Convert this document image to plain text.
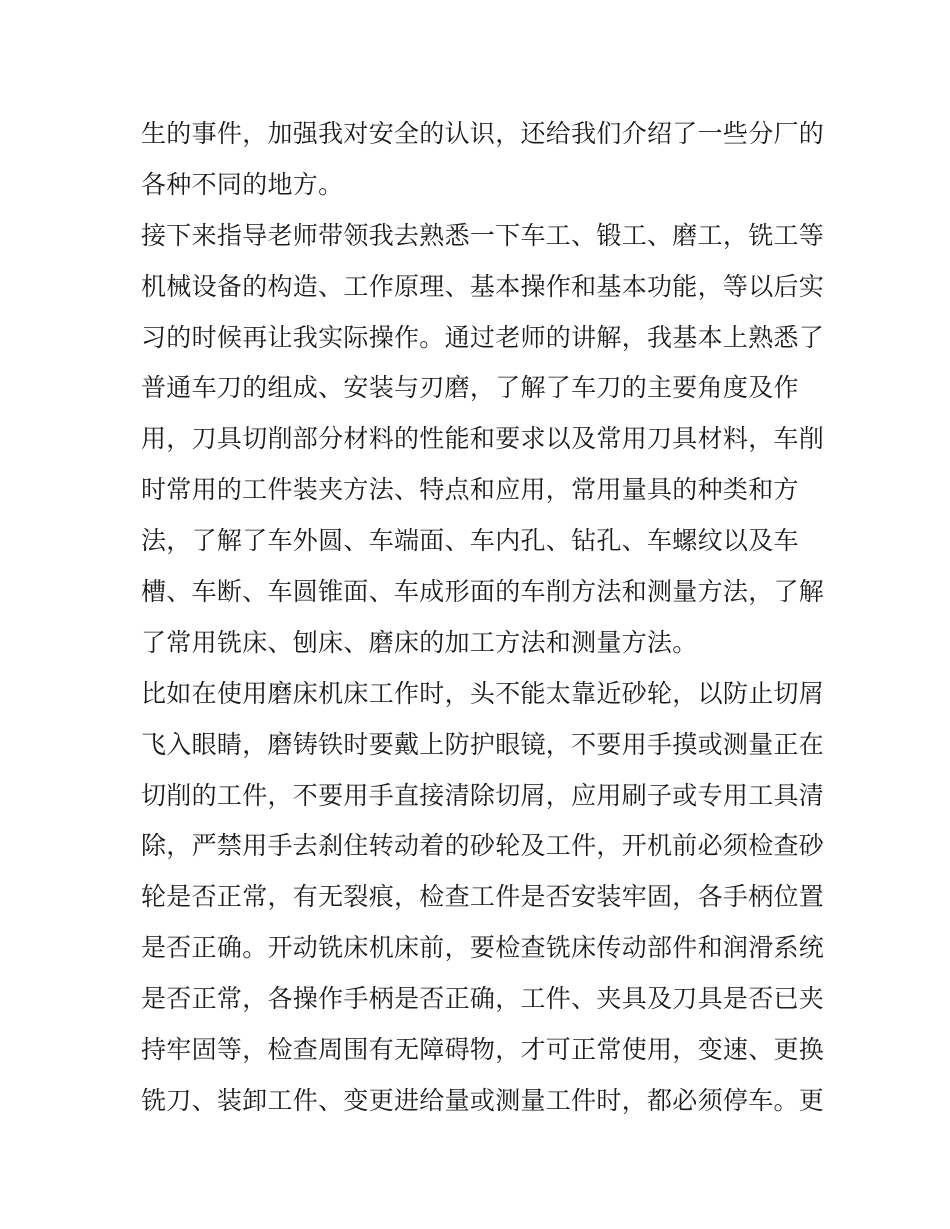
生的事件，加强我对安全的认识，还给我们介绍了一些分厂的
各种不同的地方。
接下来指导老师带领我去熟悉一下车工、锻工、磨工，铣工等
机械设备的构造、工作原理、基本操作和基本功能，等以后实
习的时候再让我实际操作。通过老师的讲解，我基本上熟悉了
普通车刀的组成、安装与刃磨，了解了车刀的主要角度及作
用，刀具切削部分材料的性能和要求以及常用刀具材料，车削
时常用的工件装夹方法、特点和应用，常用量具的种类和方
法，了解了车外圆、车端面、车内孔、钻孔、车螺纹以及车
槽、车断、车圆锥面、车成形面的车削方法和测量方法，了解
了常用铣床、刨床、磨床的加工方法和测量方法。
比如在使用磨床机床工作时，头不能太靠近砂轮，以防止切屑
飞入眼睛，磨铸铁时要戴上防护眼镜，不要用手摸或测量正在
切削的工件，不要用手直接清除切屑，应用刷子或专用工具清
除，严禁用手去刹住转动着的砂轮及工件，开机前必须检查砂
轮是否正常，有无裂痕，检查工件是否安装牢固，各手柄位置
是否正确。开动铣床机床前，要检查铣床传动部件和润滑系统
是否正常，各操作手柄是否正确，工件、夹具及刀具是否已夹
持牢固等，检查周围有无障碍物，才可正常使用，变速、更换
铣刀、装卸工件、变更进给量或测量工件时，都必须停车。更
